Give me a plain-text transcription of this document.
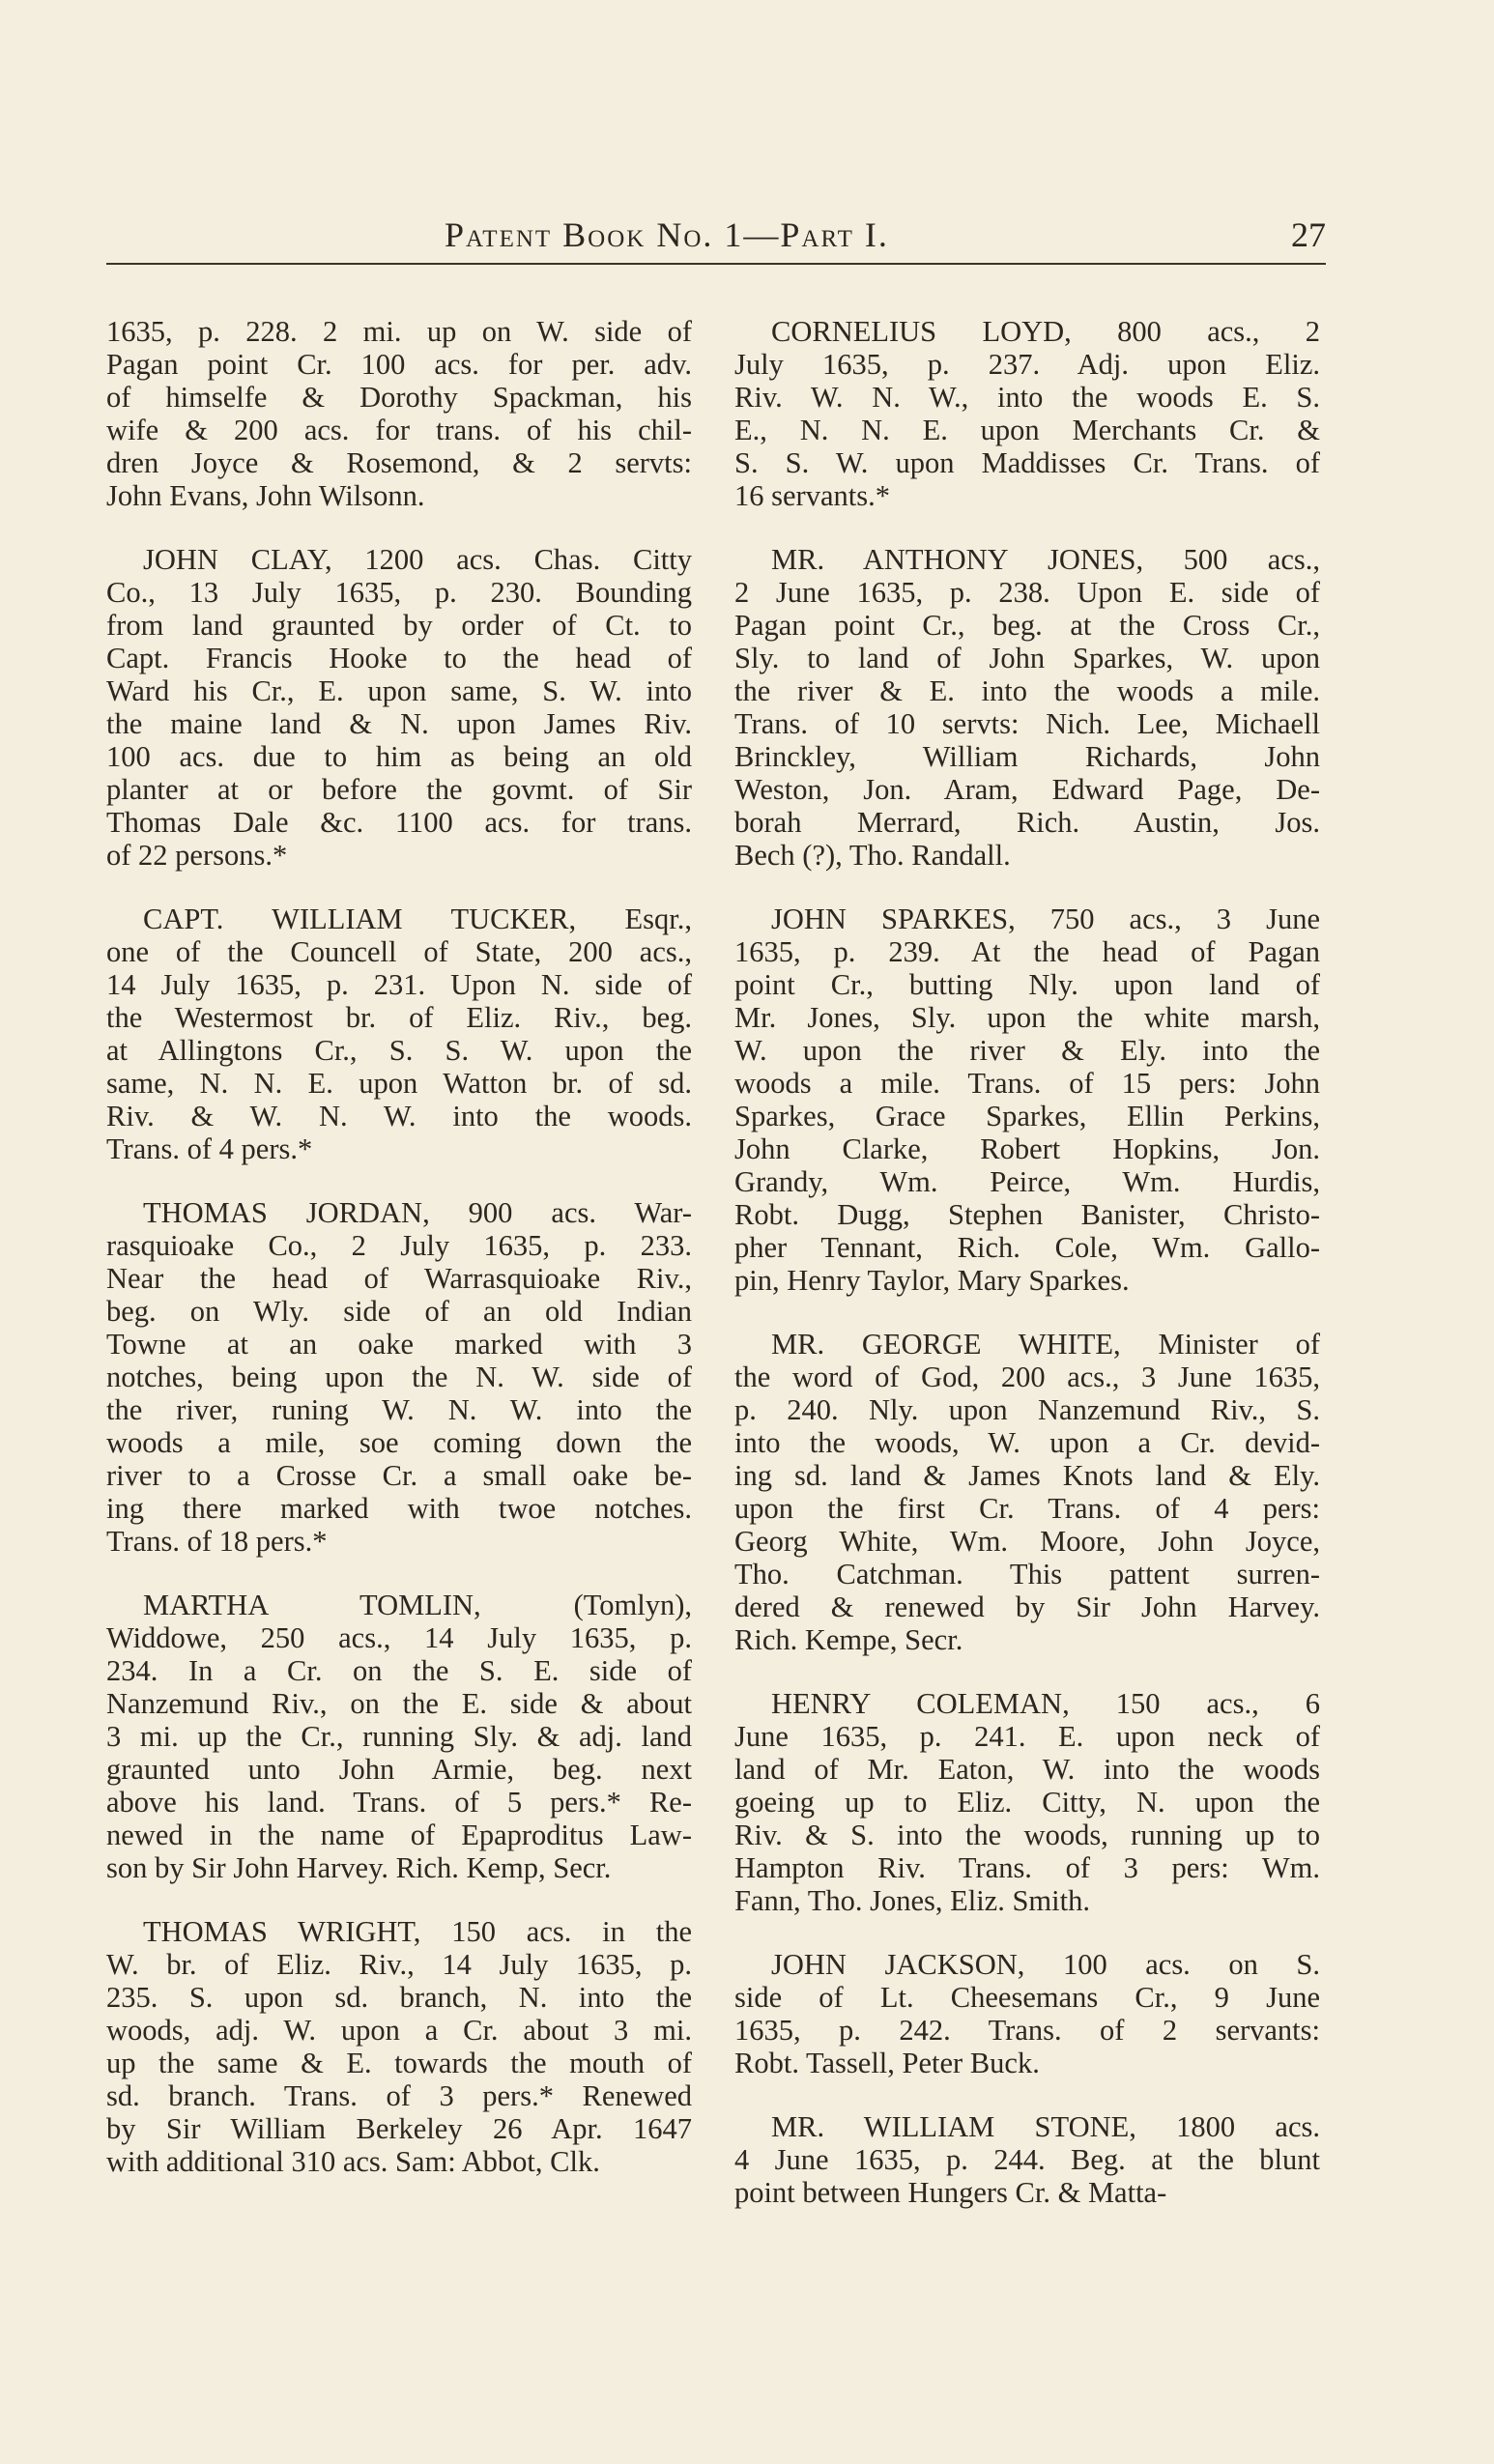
Patent Book No. 1—Part I.	27
1635, p. 228. 2 mi. up on W. side of
Pagan point Cr. 100 acs. for per. adv.
of himselfe & Dorothy Spackman, his
wife & 200 acs. for trans. of his chil-
dren Joyce & Rosemond, & 2 servts:
John Evans, John Wilsonn.
JOHN CLAY, 1200 acs. Chas. Citty
Co., 13 July 1635, p. 230. Bounding
from land graunted by order of Ct. to
Capt. Francis Hooke to the head of
Ward his Cr., E. upon same, S. W. into
the maine land & N. upon James Riv.
100 acs. due to him as being an old
planter at or before the govmt. of Sir
Thomas Dale &c. 1100 acs. for trans.
of 22 persons.*
CAPT. WILLIAM TUCKER, Esqr.,
one of the Councell of State, 200 acs.,
14 July 1635, p. 231. Upon N. side of
the Westermost br. of Eliz. Riv., beg.
at Allingtons Cr., S. S. W. upon the
same, N. N. E. upon Watton br. of sd.
Riv. & W. N. W. into the woods.
Trans. of 4 pers.*
THOMAS JORDAN, 900 acs. War-
rasquioake Co., 2 July 1635, p. 233.
Near the head of Warrasquioake Riv.,
beg. on Wly. side of an old Indian
Towne at an oake marked with 3
notches, being upon the N. W. side of
the river, runing W. N. W. into the
woods a mile, soe coming down the
river to a Crosse Cr. a small oake be-
ing there marked with twoe notches.
Trans. of 18 pers.*
MARTHA TOMLIN, (Tomlyn),
Widdowe, 250 acs., 14 July 1635, p.
234. In a Cr. on the S. E. side of
Nanzemund Riv., on the E. side & about
3 mi. up the Cr., running Sly. & adj. land
graunted unto John Armie, beg. next
above his land. Trans. of 5 pers.* Re-
newed in the name of Epaproditus Law-
son by Sir John Harvey. Rich. Kemp, Secr.
THOMAS WRIGHT, 150 acs. in the
W. br. of Eliz. Riv., 14 July 1635, p.
235. S. upon sd. branch, N. into the
woods, adj. W. upon a Cr. about 3 mi.
up the same & E. towards the mouth of
sd. branch. Trans. of 3 pers.* Renewed
by Sir William Berkeley 26 Apr. 1647
with additional 310 acs. Sam: Abbot, Clk.
CORNELIUS LOYD, 800 acs., 2
July 1635, p. 237. Adj. upon Eliz.
Riv. W. N. W., into the woods E. S.
E., N. N. E. upon Merchants Cr. &
S. S. W. upon Maddisses Cr. Trans. of
16 servants.*
MR. ANTHONY JONES, 500 acs.,
2 June 1635, p. 238. Upon E. side of
Pagan point Cr., beg. at the Cross Cr.,
Sly. to land of John Sparkes, W. upon
the river & E. into the woods a mile.
Trans. of 10 servts: Nich. Lee, Michaell
Brinckley, William Richards, John
Weston, Jon. Aram, Edward Page, De-
borah Merrard, Rich. Austin, Jos.
Bech (?), Tho. Randall.
JOHN SPARKES, 750 acs., 3 June
1635, p. 239. At the head of Pagan
point Cr., butting Nly. upon land of
Mr. Jones, Sly. upon the white marsh,
W. upon the river & Ely. into the
woods a mile. Trans. of 15 pers: John
Sparkes, Grace Sparkes, Ellin Perkins,
John Clarke, Robert Hopkins, Jon.
Grandy, Wm. Peirce, Wm. Hurdis,
Robt. Dugg, Stephen Banister, Christo-
pher Tennant, Rich. Cole, Wm. Gallo-
pin, Henry Taylor, Mary Sparkes.
MR. GEORGE WHITE, Minister of
the word of God, 200 acs., 3 June 1635,
p. 240. Nly. upon Nanzemund Riv., S.
into the woods, W. upon a Cr. devid-
ing sd. land & James Knots land & Ely.
upon the first Cr. Trans. of 4 pers:
Georg White, Wm. Moore, John Joyce,
Tho. Catchman. This pattent surren-
dered & renewed by Sir John Harvey.
Rich. Kempe, Secr.
HENRY COLEMAN, 150 acs., 6
June 1635, p. 241. E. upon neck of
land of Mr. Eaton, W. into the woods
goeing up to Eliz. Citty, N. upon the
Riv. & S. into the woods, running up to
Hampton Riv. Trans. of 3 pers: Wm.
Fann, Tho. Jones, Eliz. Smith.
JOHN JACKSON, 100 acs. on S.
side of Lt. Cheesemans Cr., 9 June
1635, p. 242. Trans. of 2 servants:
Robt. Tassell, Peter Buck.
MR. WILLIAM STONE, 1800 acs.
4 June 1635, p. 244. Beg. at the blunt
point between Hungers Cr. & Matta-
